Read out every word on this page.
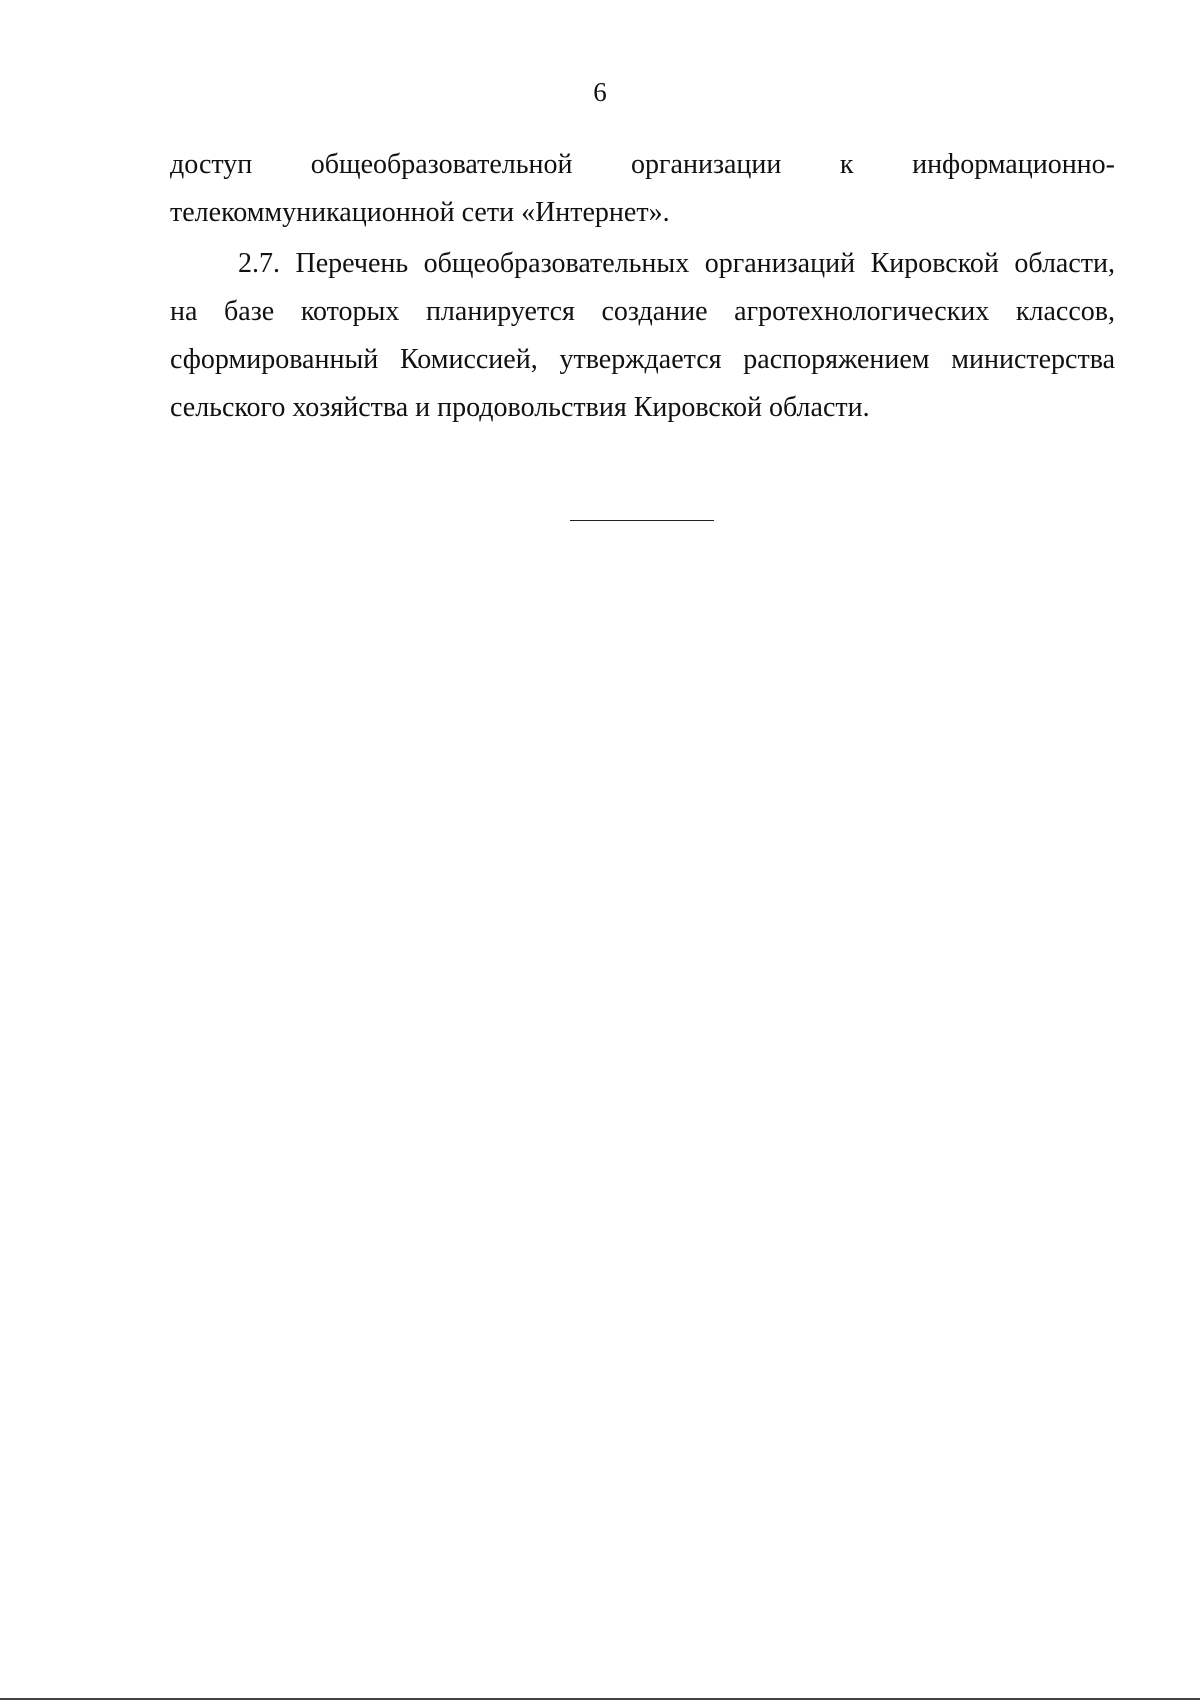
6
доступ общеобразовательной организации к информационно-
телекоммуникационной сети «Интернет».
2.7. Перечень общеобразовательных организаций Кировской области,
на базе которых планируется создание агротехнологических классов,
сформированный Комиссией, утверждается распоряжением министерства
сельского хозяйства и продовольствия Кировской области.
